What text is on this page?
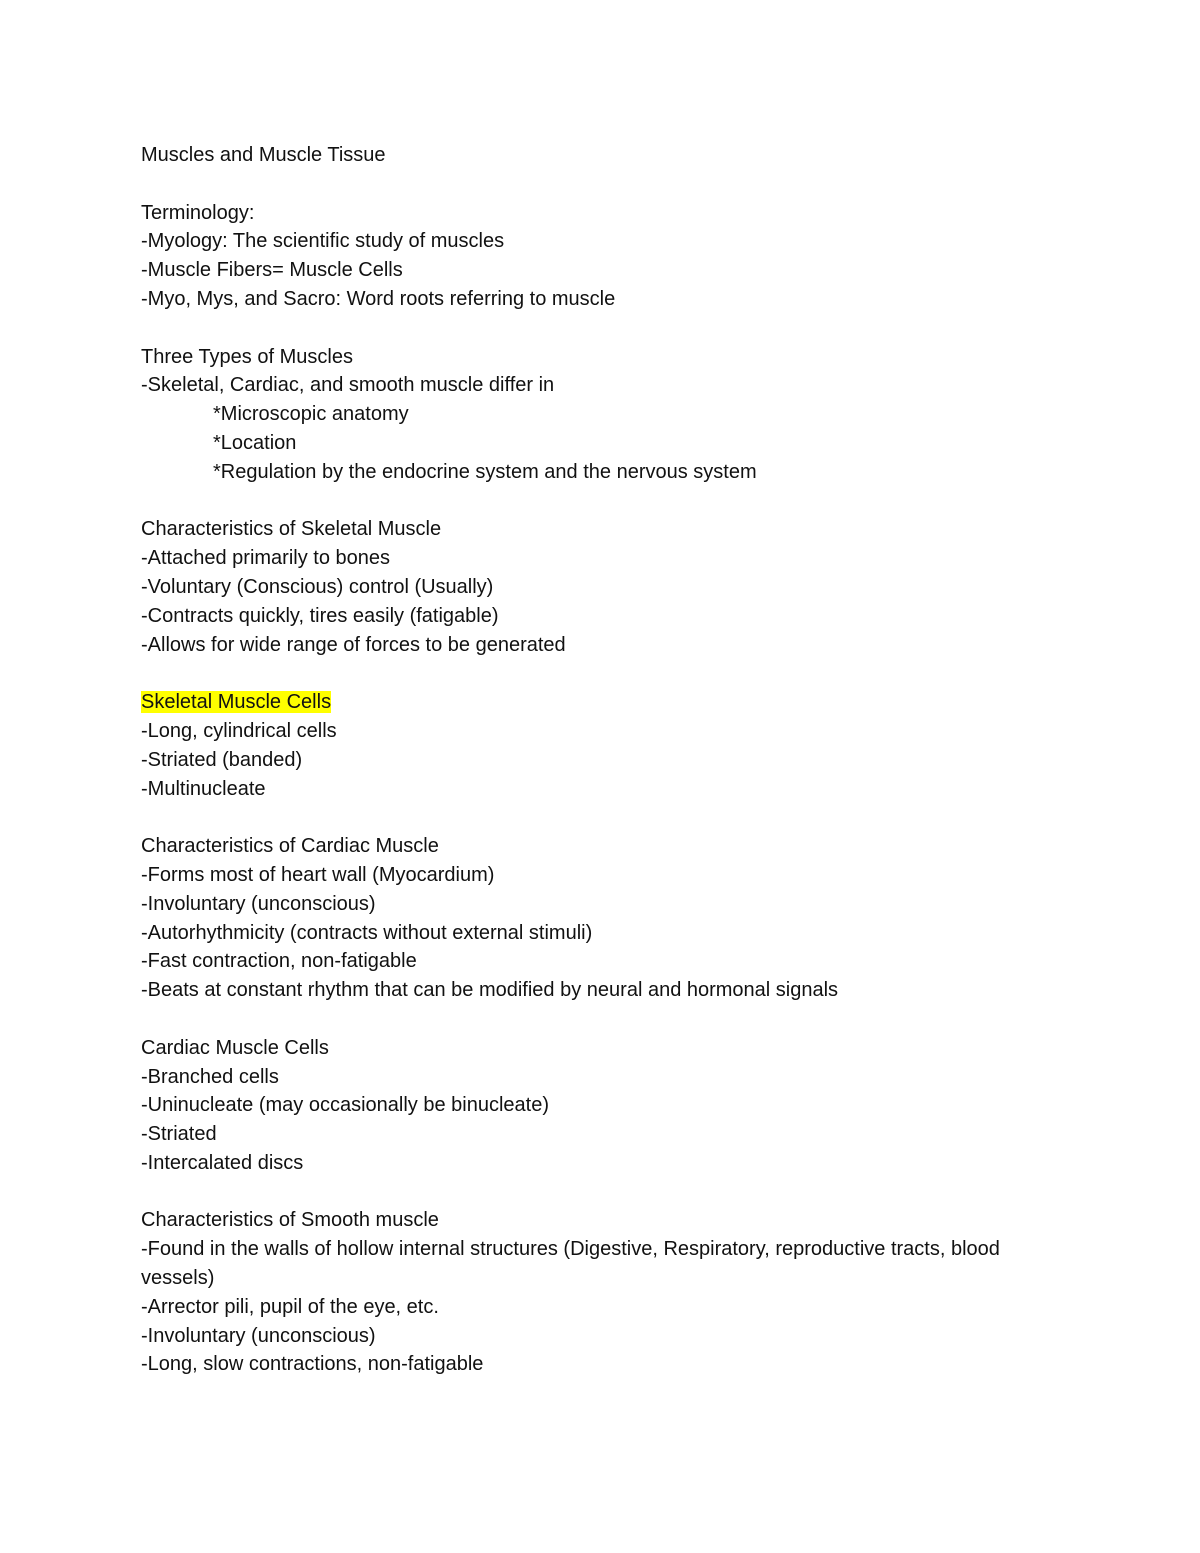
Muscles and Muscle Tissue
Terminology:
-Myology: The scientific study of muscles
-Muscle Fibers= Muscle Cells
-Myo, Mys, and Sacro: Word roots referring to muscle
Three Types of Muscles
-Skeletal, Cardiac, and smooth muscle differ in
*Microscopic anatomy
*Location
*Regulation by the endocrine system and the nervous system
Characteristics of Skeletal Muscle
-Attached primarily to bones
-Voluntary (Conscious) control (Usually)
-Contracts quickly, tires easily (fatigable)
-Allows for wide range of forces to be generated
Skeletal Muscle Cells
-Long, cylindrical cells
-Striated (banded)
-Multinucleate
Characteristics of Cardiac Muscle
-Forms most of heart wall (Myocardium)
-Involuntary (unconscious)
-Autorhythmicity (contracts without external stimuli)
-Fast contraction, non-fatigable
-Beats at constant rhythm that can be modified by neural and hormonal signals
Cardiac Muscle Cells
-Branched cells
-Uninucleate (may occasionally be binucleate)
-Striated
-Intercalated discs
Characteristics of Smooth muscle
-Found in the walls of hollow internal structures (Digestive, Respiratory, reproductive tracts, blood vessels)
-Arrector pili, pupil of the eye, etc.
-Involuntary (unconscious)
-Long, slow contractions, non-fatigable
